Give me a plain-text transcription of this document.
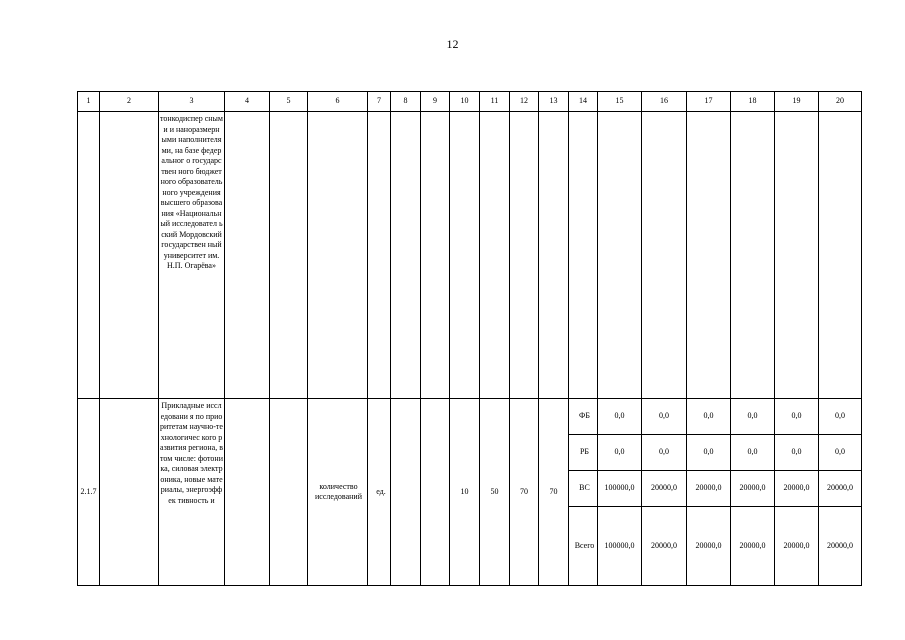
12
1	2	3	4	5	6	7	8	9	10	11	12	13	14	15	16	17	18	19	20

		тонкодиспер сными и наноразмерн ыми наполнителя ми, на базе федеральног о государствен ного бюджетного образователь ного учреждения высшего образования «Национальн ый исследовател ьский Мордовский государствен ный университет им. Н.П. Огарёва»																	

2.1.7		Прикладные исследовани я по приоритетам научно-технологичес кого развития региона, в том числе: фотоника, силовая электроника, новые материалы, энергоэффек тивность и			количество исследований	ед.			10	50	70	70	ФБ	0,0	0,0	0,0	0,0	0,0	0,0
													РБ	0,0	0,0	0,0	0,0	0,0	0,0
													ВС	100000,0	20000,0	20000,0	20000,0	20000,0	20000,0
													Всего	100000,0	20000,0	20000,0	20000,0	20000,0	20000,0
